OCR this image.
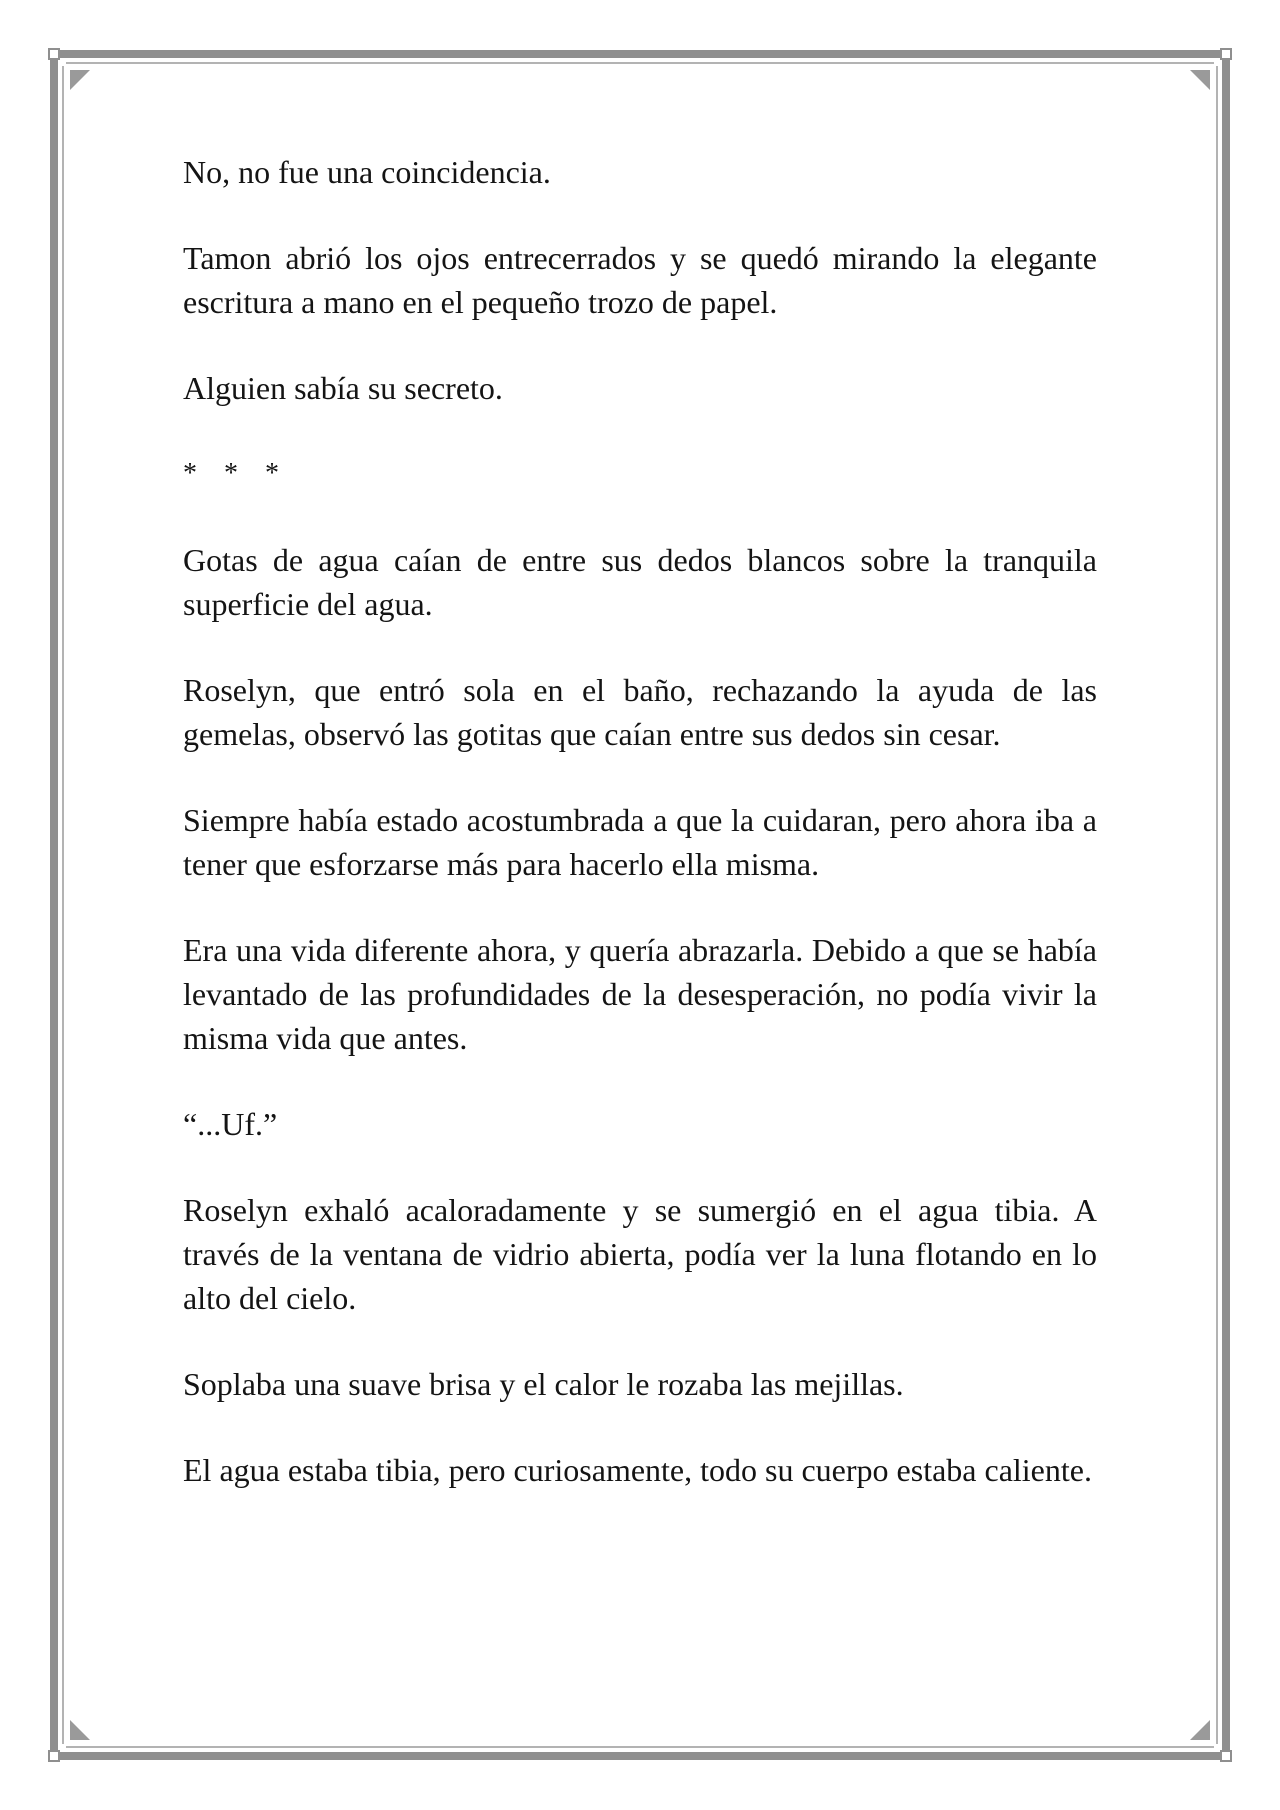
No, no fue una coincidencia.

Tamon abrió los ojos entrecerrados y se quedó mirando la elegante escritura a mano en el pequeño trozo de papel.

Alguien sabía su secreto.

* * *

Gotas de agua caían de entre sus dedos blancos sobre la tranquila superficie del agua.

Roselyn, que entró sola en el baño, rechazando la ayuda de las gemelas, observó las gotitas que caían entre sus dedos sin cesar.

Siempre había estado acostumbrada a que la cuidaran, pero ahora iba a tener que esforzarse más para hacerlo ella misma.

Era una vida diferente ahora, y quería abrazarla. Debido a que se había levantado de las profundidades de la desesperación, no podía vivir la misma vida que antes.

“...Uf.”

Roselyn exhaló acaloradamente y se sumergió en el agua tibia. A través de la ventana de vidrio abierta, podía ver la luna flotando en lo alto del cielo.

Soplaba una suave brisa y el calor le rozaba las mejillas.

El agua estaba tibia, pero curiosamente, todo su cuerpo estaba caliente.
